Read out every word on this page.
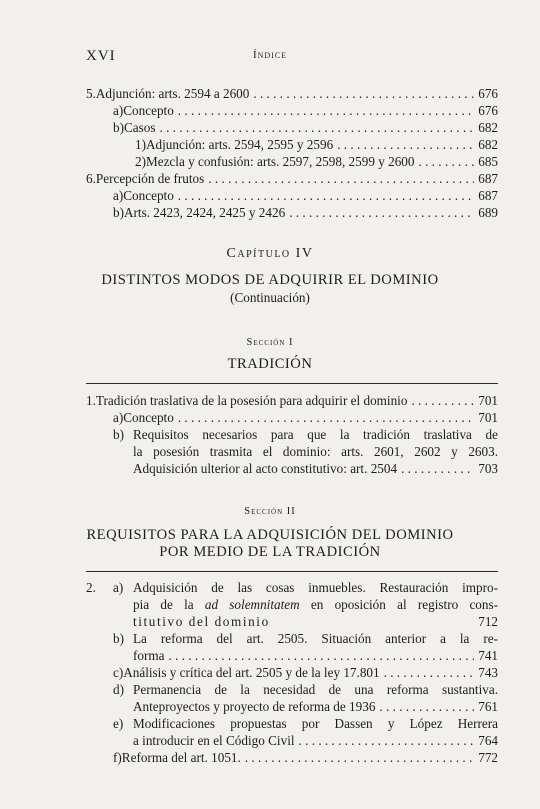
XVI	Índice
5. Adjunción: arts. 2594 a 2600 . . .	676
a) Concepto . . .	676
b) Casos . . .	682
1) Adjunción: arts. 2594, 2595 y 2596 . . .	682
2) Mezcla y confusión: arts. 2597, 2598, 2599 y 2600 . . .	685
6. Percepción de frutos . . .	687
a) Concepto . . .	687
b) Arts. 2423, 2424, 2425 y 2426 . . .	689
Capítulo IV
DISTINTOS MODOS DE ADQUIRIR EL DOMINIO
(Continuación)
Sección I
TRADICIÓN
1. Tradición traslativa de la posesión para adquirir el dominio . . .	701
a) Concepto . . .	701
b) Requisitos necesarios para que la tradición traslativa de
la posesión trasmita el dominio: arts. 2601, 2602 y 2603.
Adquisición ulterior al acto constitutivo: art. 2504 . . .	703
Sección II
REQUISITOS PARA LA ADQUISICIÓN DEL DOMINIO
POR MEDIO DE LA TRADICIÓN
2. a) Adquisición de las cosas inmuebles. Restauración impro-
pia de la ad solemnitatem en oposición al registro cons-
titutivo del dominio	712
b) La reforma del art. 2505. Situación anterior a la re-
forma . . .	741
c) Análisis y crítica del art. 2505 y de la ley 17.801 . . .	743
d) Permanencia de la necesidad de una reforma sustantiva.
Anteproyectos y proyecto de reforma de 1936 . . .	761
e) Modificaciones propuestas por Dassen y López Herrera
a introducir en el Código Civil . . .	764
f) Reforma del art. 1051. . . .	772
